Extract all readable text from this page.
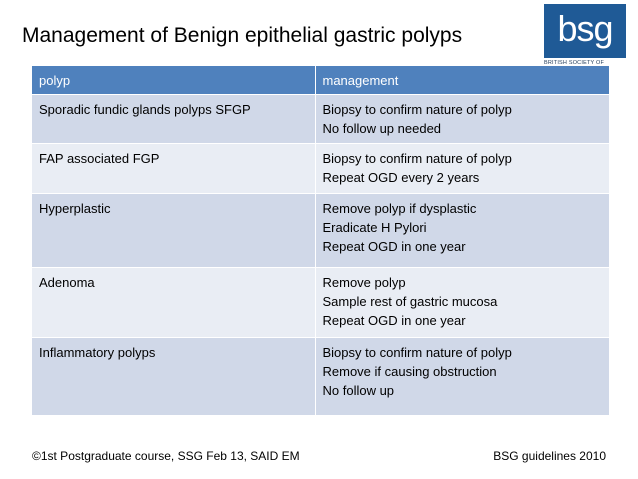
Management of Benign epithelial gastric polyps	bsg
BRITISH SOCIETY OF
polyp	management
Sporadic fundic glands polyps SFGP	Biopsy to confirm nature of polyp
No follow up needed

FAP associated FGP	Biopsy to confirm nature of polyp
Repeat OGD every 2 years

Hyperplastic	Remove polyp if dysplastic
Eradicate H Pylori
Repeat OGD in one year

Adenoma	Remove polyp
Sample rest of gastric mucosa
Repeat OGD in one year

Inflammatory polyps	Biopsy to confirm nature of polyp
Remove if causing obstruction
No follow up
©1st Postgraduate course, SSG Feb 13, SAID EM	BSG guidelines 2010
